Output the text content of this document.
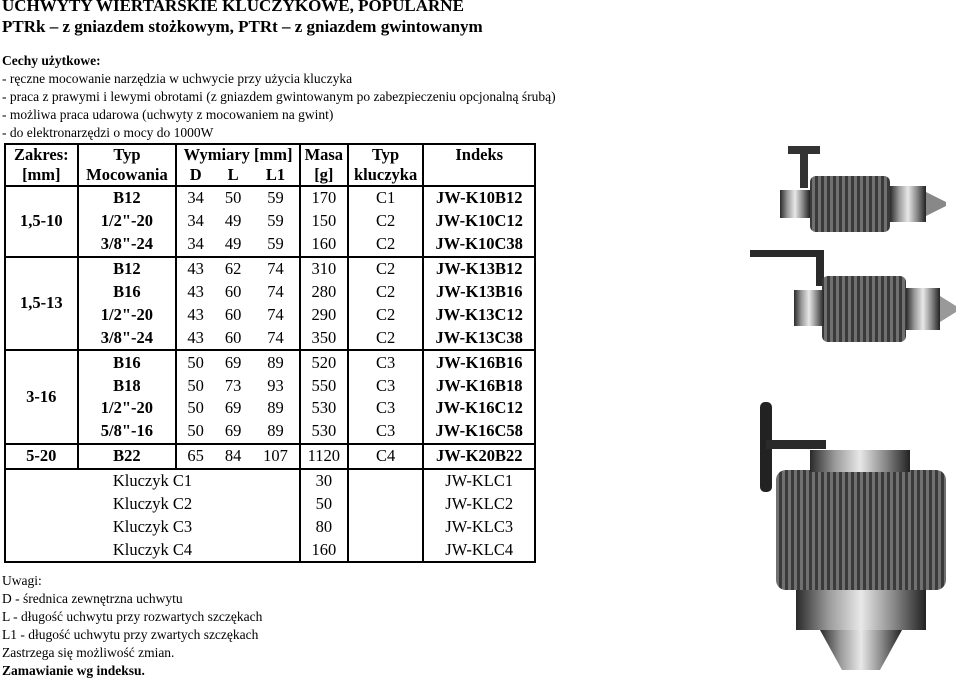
UCHWYTY WIERTARSKIE KLUCZYKOWE, POPULARNE
PTRk – z gniazdem stożkowym, PTRt – z gniazdem gwintowanym
Cechy użytkowe:
- ręczne mocowanie narzędzia w uchwycie przy użycia kluczyka
- praca z prawymi i lewymi obrotami (z gniazdem gwintowanym po zabezpieczeniu opcjonalną śrubą)
- możliwa praca udarowa (uchwyty z mocowaniem na gwint)
- do elektronarzędzi o mocy do 1000W
Zakres:	Typ	Wymiary [mm]			Masa	Typ	Indeks
[mm]	Mocowania	D	L	L1	[g]	kluczyka	
1,5-10	B12	34	50	59	170	C1	JW-K10B12
	1/2"-20	34	49	59	150	C2	JW-K10C12
	3/8"-24	34	49	59	160	C2	JW-K10C38
1,5-13	B12	43	62	74	310	C2	JW-K13B12
	B16	43	60	74	280	C2	JW-K13B16
	1/2"-20	43	60	74	290	C2	JW-K13C12
	3/8"-24	43	60	74	350	C2	JW-K13C38
3-16	B16	50	69	89	520	C3	JW-K16B16
	B18	50	73	93	550	C3	JW-K16B18
	1/2"-20	50	69	89	530	C3	JW-K16C12
	5/8"-16	50	69	89	530	C3	JW-K16C58
5-20	B22	65	84	107	1120	C4	JW-K20B22
Kluczyk C1					30		JW-KLC1
Kluczyk C2					50		JW-KLC2
Kluczyk C3					80		JW-KLC3
Kluczyk C4					160		JW-KLC4
Uwagi:
D - średnica zewnętrzna uchwytu
L - długość uchwytu przy rozwartych szczękach
L1 - długość uchwytu przy zwartych szczękach
Zastrzega się możliwość zmian.
Zamawianie wg indeksu.
